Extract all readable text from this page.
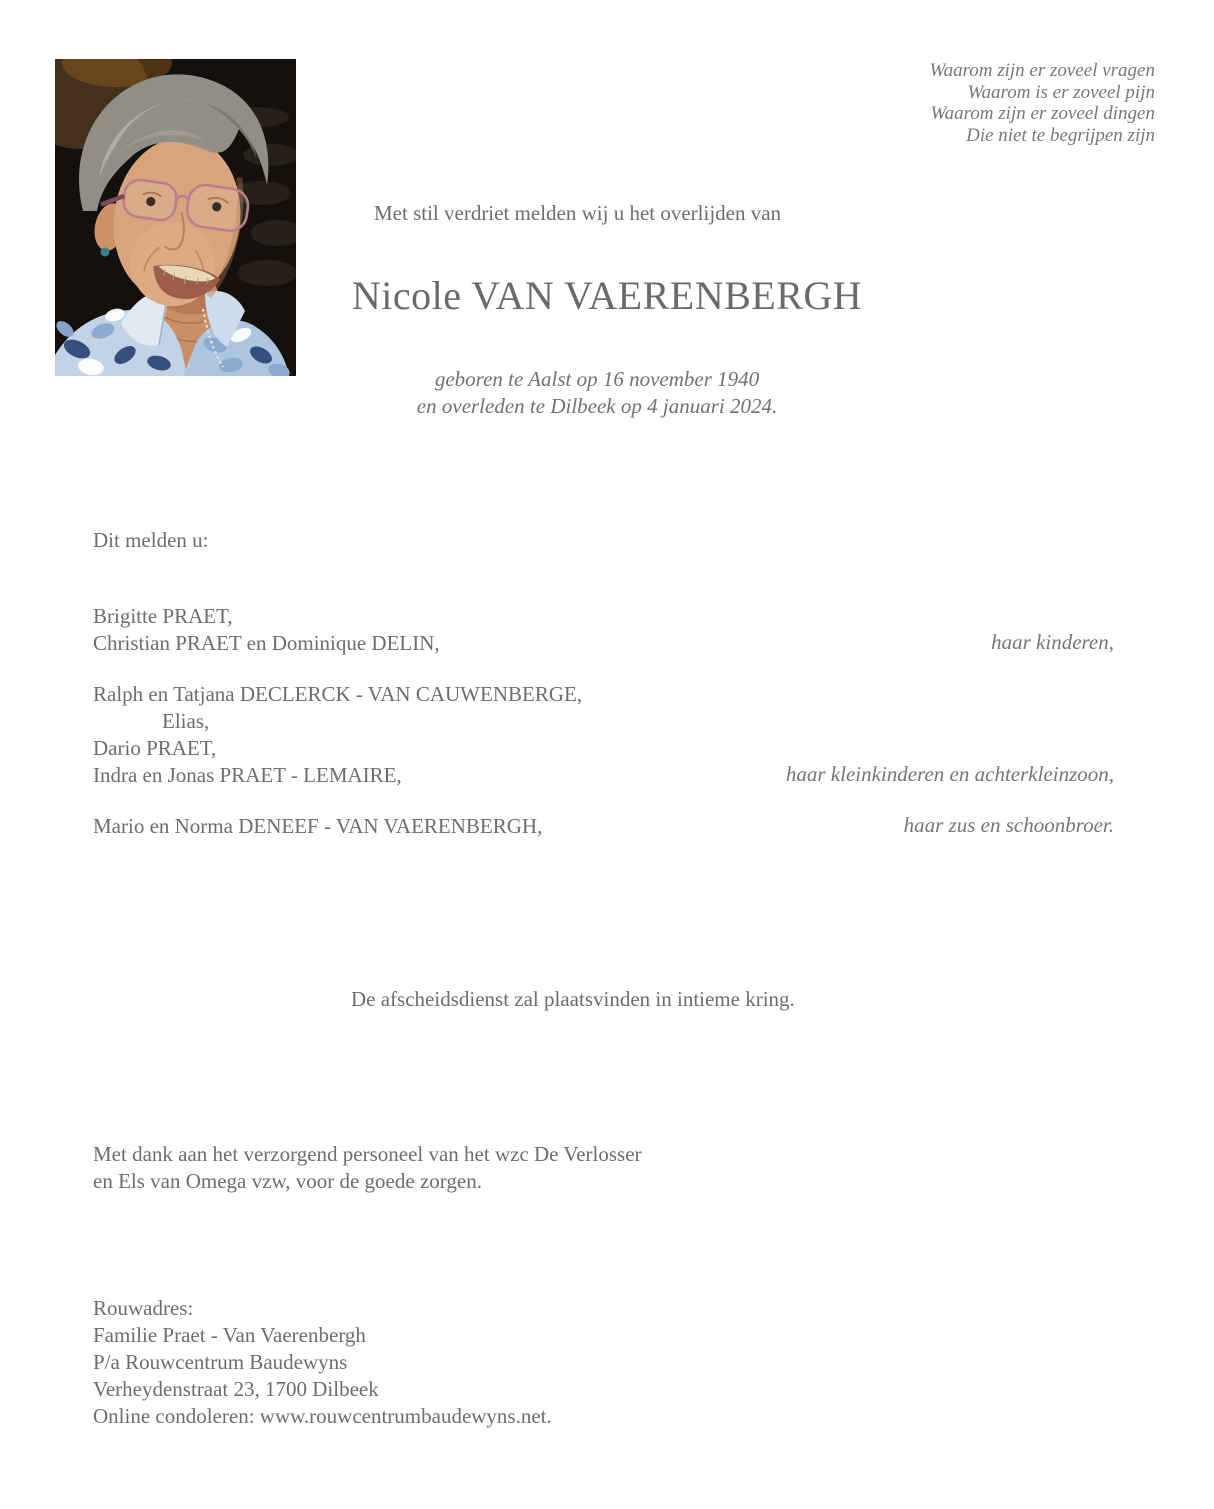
Waarom zijn er zoveel vragen
Waarom is er zoveel pijn
Waarom zijn er zoveel dingen
Die niet te begrijpen zijn
Met stil verdriet melden wij u het overlijden van
Nicole VAN VAERENBERGH
geboren te Aalst op 16 november 1940
en overleden te Dilbeek op 4 januari 2024.
Dit melden u:
Brigitte PRAET,
Christian PRAET en Dominique DELIN,	haar kinderen,
Ralph en Tatjana DECLERCK - VAN CAUWENBERGE,
Elias,
Dario PRAET,
Indra en Jonas PRAET - LEMAIRE,	haar kleinkinderen en achterkleinzoon,
Mario en Norma DENEEF - VAN VAERENBERGH,	haar zus en schoonbroer.
De afscheidsdienst zal plaatsvinden in intieme kring.
Met dank aan het verzorgend personeel van het wzc De Verlosser
en Els van Omega vzw, voor de goede zorgen.
Rouwadres:
Familie Praet - Van Vaerenbergh
P/a Rouwcentrum Baudewyns
Verheydenstraat 23, 1700 Dilbeek
Online condoleren: www.rouwcentrumbaudewyns.net.
